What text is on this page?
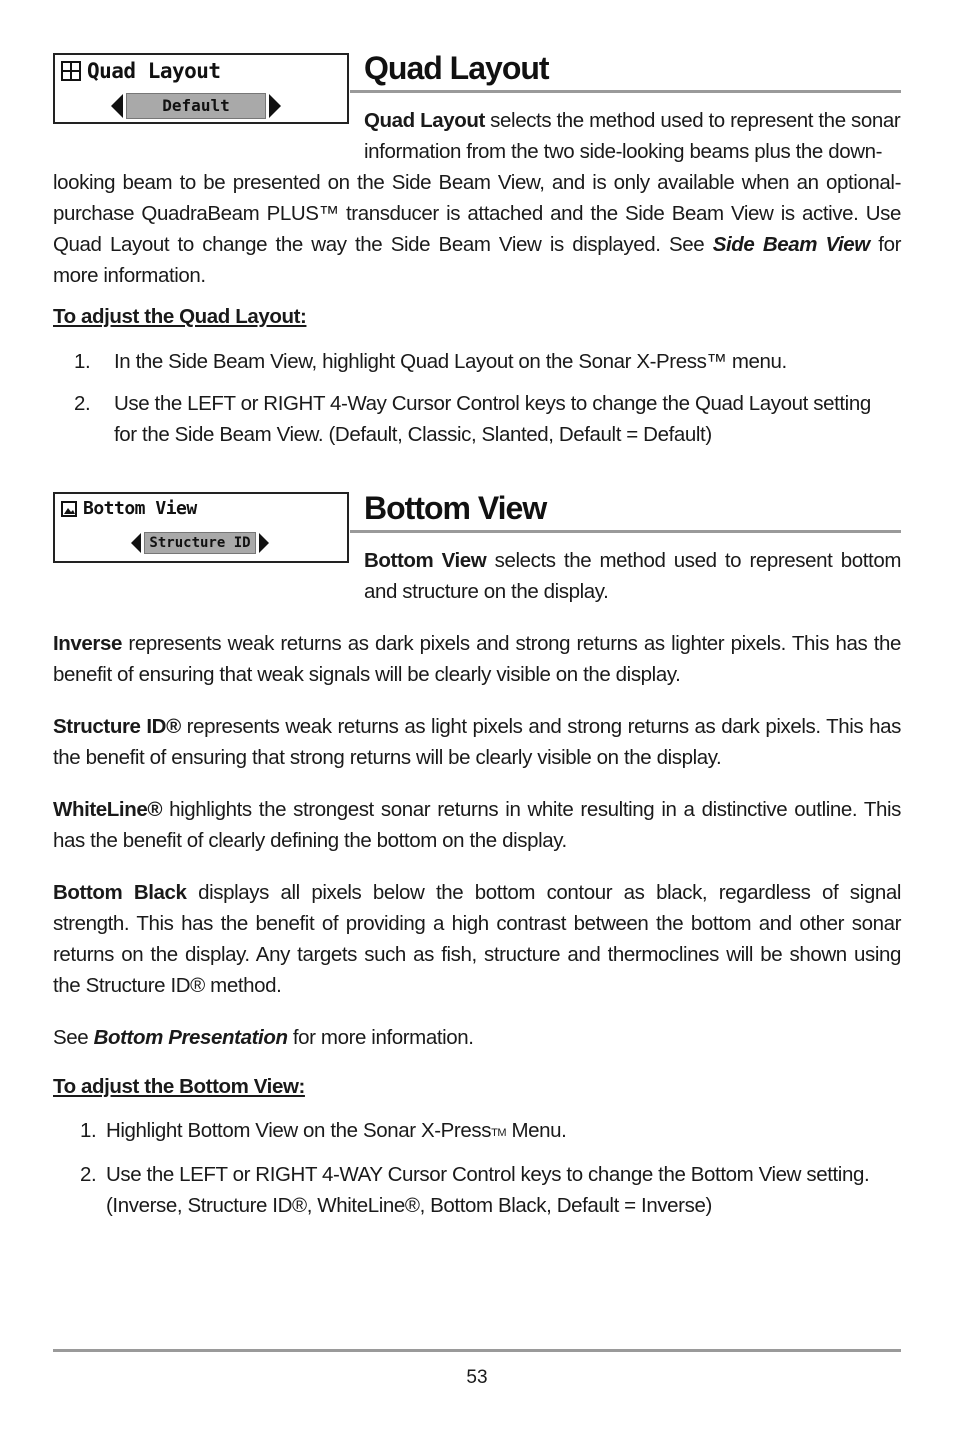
Quad Layout
Default
Quad Layout

Quad Layout selects the method used to represent the sonar

information from the two side-looking beams plus the down-

looking beam to be presented on the Side Beam View, and is only available when an optional-purchase QuadraBeam PLUS™ transducer is attached and the Side Beam View is active. Use Quad Layout to change the way the Side Beam View is displayed. See Side Beam View for more information.

To adjust the Quad Layout:
1. In the Side Beam View, highlight Quad Layout on the Sonar X-Press™ menu.
2. Use the LEFT or RIGHT 4-Way Cursor Control keys to change the Quad Layout setting
for the Side Beam View. (Default, Classic, Slanted, Default = Default)
Bottom View
Structure ID
Bottom View

Bottom View selects the method used to represent bottom and structure on the display.

Inverse represents weak returns as dark pixels and strong returns as lighter pixels. This has the benefit of ensuring that weak signals will be clearly visible on the display.

Structure ID® represents weak returns as light pixels and strong returns as dark pixels. This has the benefit of ensuring that strong returns will be clearly visible on the display.

WhiteLine® highlights the strongest sonar returns in white resulting in a distinctive outline. This has the benefit of clearly defining the bottom on the display.

Bottom Black displays all pixels below the bottom contour as black, regardless of signal strength. This has the benefit of providing a high contrast between the bottom and other sonar returns on the display. Any targets such as fish, structure and thermoclines will be shown using the Structure ID® method.

See Bottom Presentation for more information.

To adjust the Bottom View:
1. Highlight Bottom View on the Sonar X-Press™ Menu.
2. Use the LEFT or RIGHT 4-WAY Cursor Control keys to change the Bottom View setting.
(Inverse, Structure ID®, WhiteLine®, Bottom Black, Default = Inverse)
53
